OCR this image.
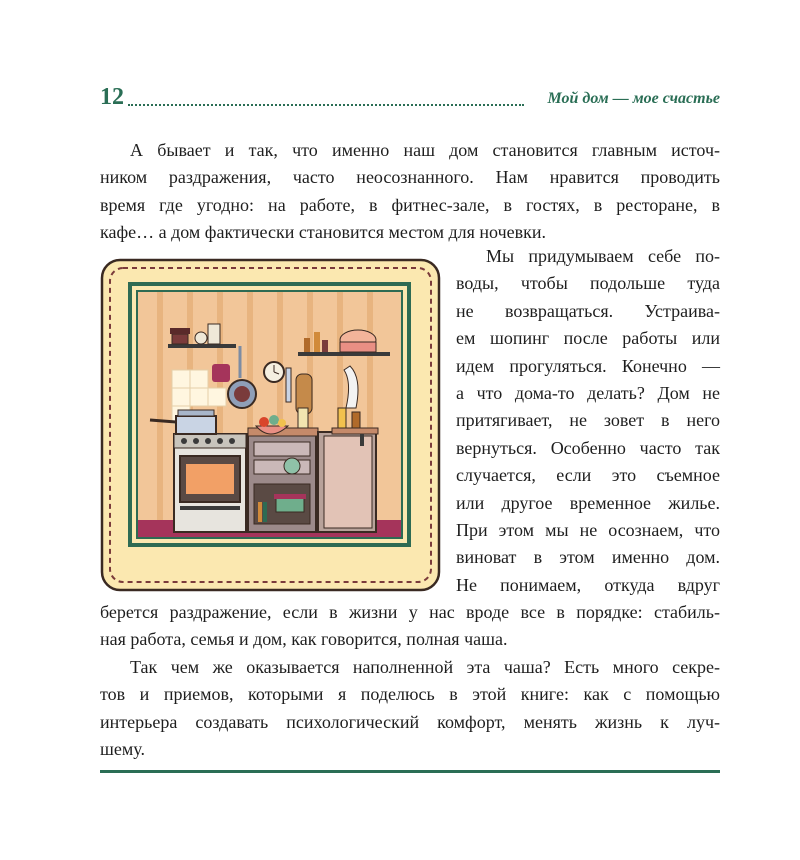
12	Мой дом — мое счастье

А бывает и так, что именно наш дом становится главным источ-
ником раздражения, часто неосознанного. Нам нравится проводить
время где угодно: на работе, в фитнес-зале, в гостях, в ресторане, в
кафе… а дом фактически становится местом для ночевки.

Мы придумываем себе по-
воды, чтобы подольше туда
не возвращаться. Устраива-
ем шопинг после работы или
идем прогуляться. Конечно —
а что дома-то делать? Дом не
притягивает, не зовет в него
вернуться. Особенно часто так
случается, если это съемное
или другое временное жилье.
При этом мы не осознаем, что
виноват в этом именно дом.
Не понимаем, откуда вдруг

берется раздражение, если в жизни у нас вроде все в порядке: стабиль-
ная работа, семья и дом, как говорится, полная чаша.

Так чем же оказывается наполненной эта чаша? Есть много секре-
тов и приемов, которыми я поделюсь в этой книге: как с помощью
интерьера создавать психологический комфорт, менять жизнь к луч-
шему.
